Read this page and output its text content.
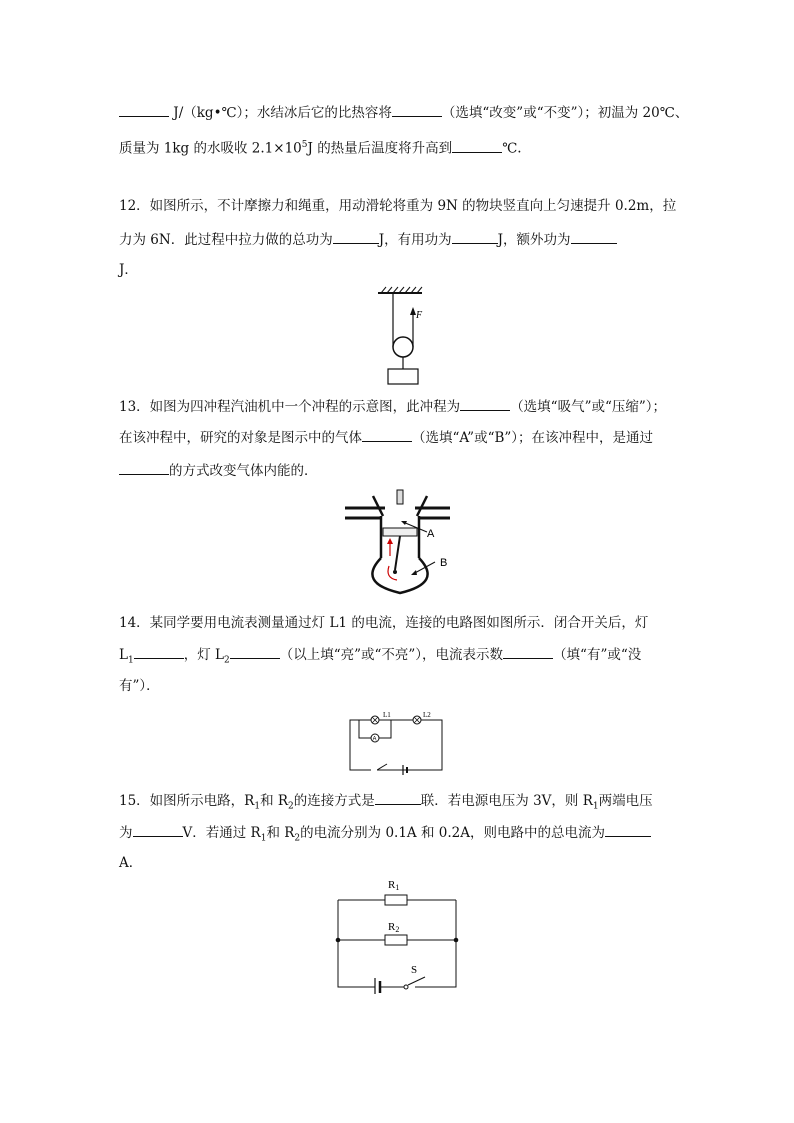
J/（kg•℃）；水结冰后它的比热容将	（选填“改变”或“不变”）；初温为 20℃、
质量为 1kg 的水吸收 $2.1\times 10^5J$ 的热量后温度将升高到	℃.
12．如图所示，不计摩擦力和绳重，用动滑轮将重为 9N 的物块竖直向上匀速提升 0.2m，拉
力为 6N．此过程中拉力做的总功为	J，有用功为	J，额外功为
J．
F
13．如图为四冲程汽油机中一个冲程的示意图，此冲程为	（选填“吸气”或“压缩”）；
在该冲程中，研究的对象是图示中的气体	（选填“A”或“B”）；在该冲程中，是通过
的方式改变气体内能的．
A
B
14．某同学要用电流表测量通过灯 L1 的电流，连接的电路图如图所示．闭合开关后，灯
$L_1$	，灯 $L_2$	（以上填“亮”或“不亮”），电流表示数	（填“有”或“没
有”）．
L1	L2
A
15．如图所示电路，$R_1$和 $R_2$的连接方式是	联．若电源电压为 3V，则 $R_1$两端电压
为	V．若通过 $R_1$和 $R_2$的电流分别为 0.1A 和 0.2A，则电路中的总电流为
A．
R1
R2
S
